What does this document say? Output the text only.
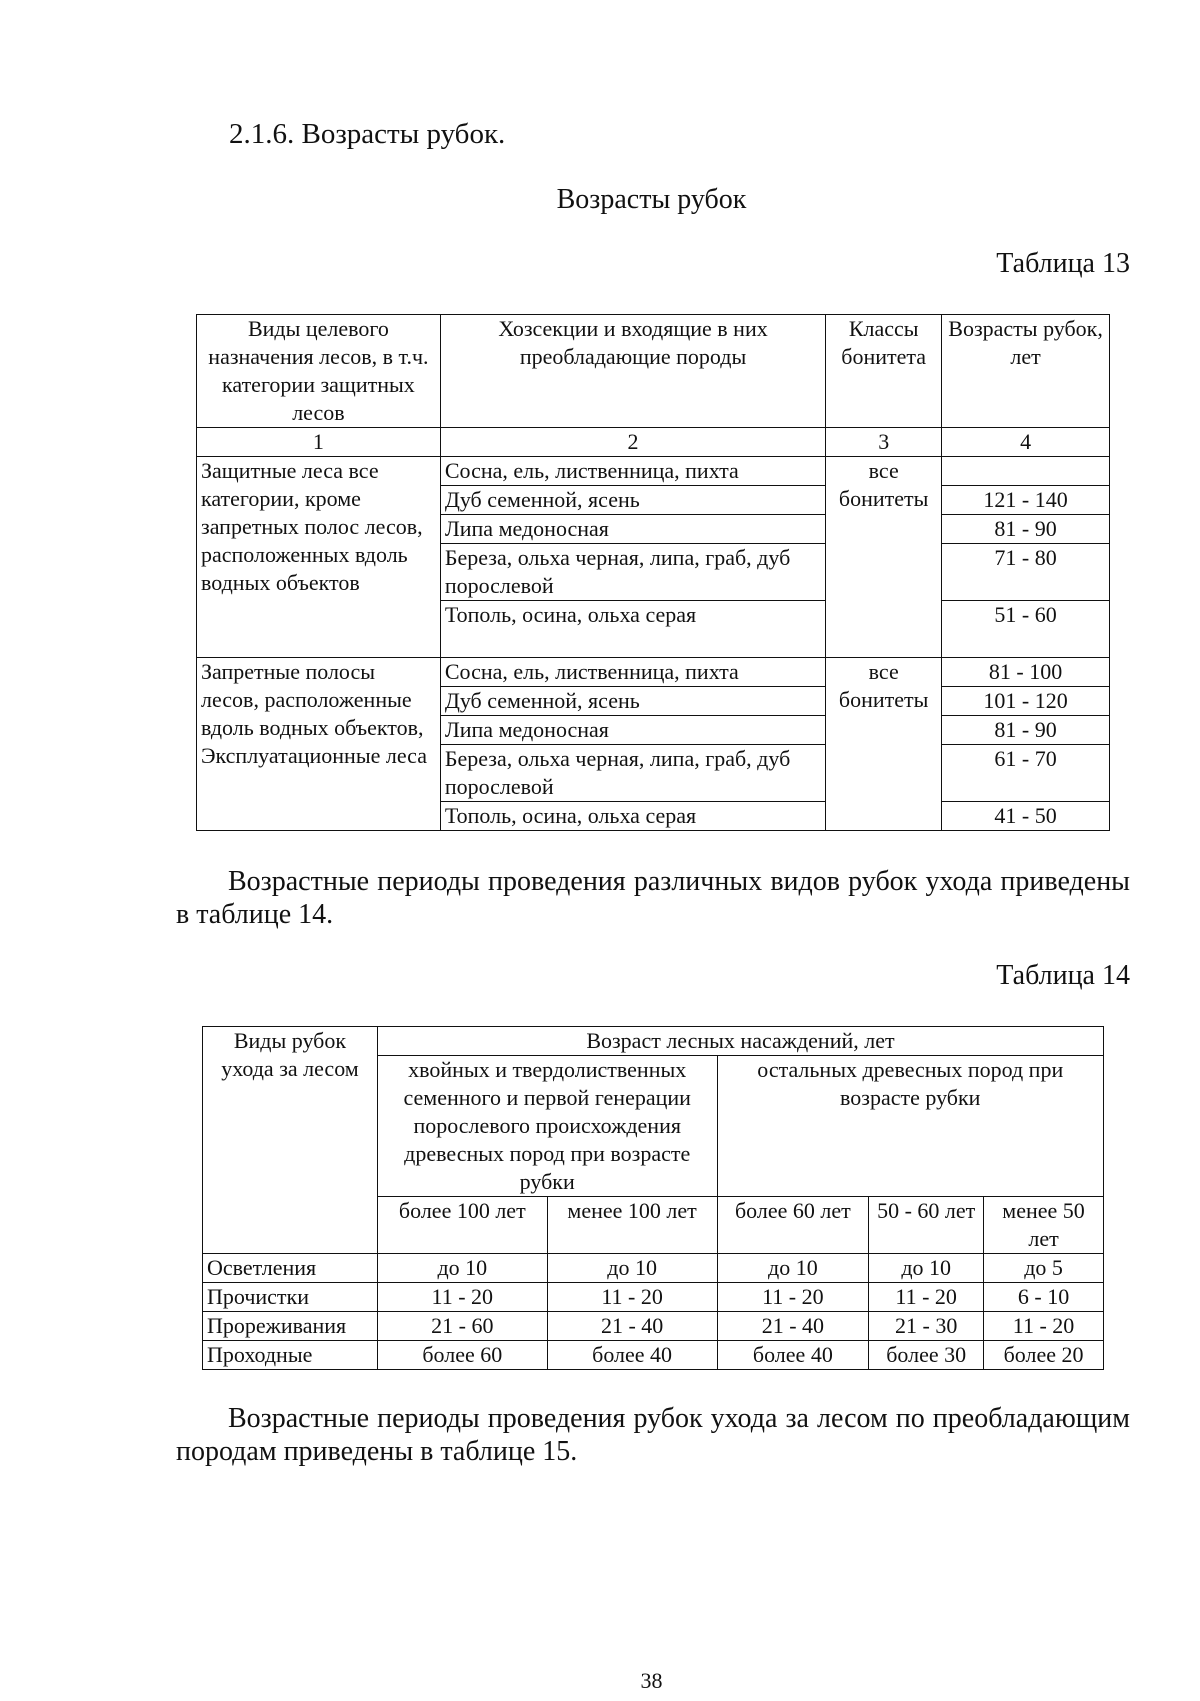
2.1.6. Возрасты рубок.
Возрасты рубок
Таблица 13
Виды целевого назначения лесов, в т.ч. категории защитных лесов	Хозсекции и входящие в них преобладающие породы	Классы бонитета	Возрасты рубок, лет
1	2	3	4
Защитные леса все категории, кроме запретных полос лесов, расположенных вдоль водных объектов	Сосна, ель, лиственница, пихта	все бонитеты	
	Дуб семенной, ясень		121 - 140
	Липа медоносная		81 - 90
	Береза, ольха черная, липа, граб, дуб порослевой		71 - 80
	Тополь, осина, ольха серая		51 - 60
Запретные полосы лесов, расположенные вдоль водных объектов, Эксплуатационные леса	Сосна, ель, лиственница, пихта	все бонитеты	81 - 100
	Дуб семенной, ясень		101 - 120
	Липа медоносная		81 - 90
	Береза, ольха черная, липа, граб, дуб порослевой		61 - 70
	Тополь, осина, ольха серая		41 - 50
Возрастные периоды проведения различных видов рубок ухода приведены в таблице 14.
Таблица 14
Виды рубок ухода за лесом	Возраст лесных насаждений, лет				
	хвойных и твердолиственных семенного и первой генерации порослевого происхождения древесных пород при возрасте рубки		остальных древесных пород при возрасте рубки		
	более 100 лет	менее 100 лет	более 60 лет	50 - 60 лет	менее 50 лет
Осветления	до 10	до 10	до 10	до 10	до 5
Прочистки	11 - 20	11 - 20	11 - 20	11 - 20	6 - 10
Прореживания	21 - 60	21 - 40	21 - 40	21 - 30	11 - 20
Проходные	более 60	более 40	более 40	более 30	более 20
Возрастные периоды проведения рубок ухода за лесом по преобладающим породам приведены в таблице 15.
38
